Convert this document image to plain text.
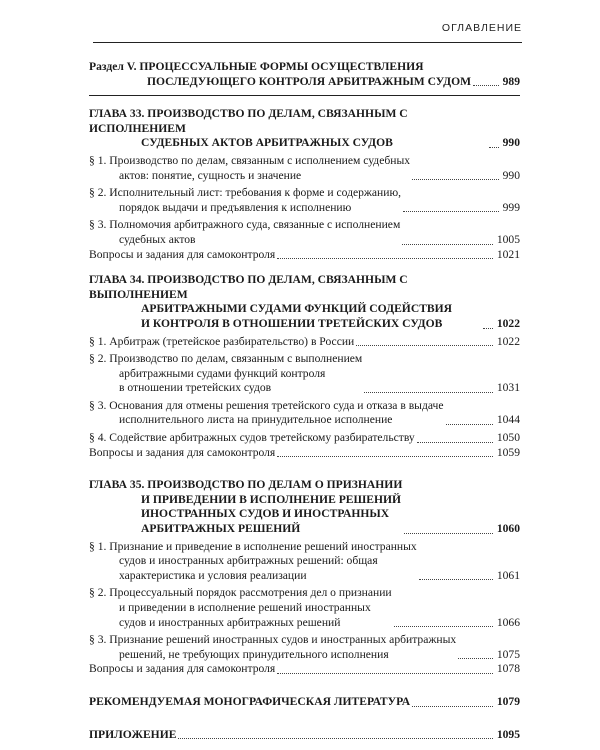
ОГЛАВЛЕНИЕ
Раздел V. ПРОЦЕССУАЛЬНЫЕ ФОРМЫ ОСУЩЕСТВЛЕНИЯ
ПОСЛЕДУЮЩЕГО КОНТРОЛЯ АРБИТРАЖНЫМ СУДОМ	989
ГЛАВА 33. ПРОИЗВОДСТВО ПО ДЕЛАМ, СВЯЗАННЫМ С ИСПОЛНЕНИЕМ
СУДЕБНЫХ АКТОВ АРБИТРАЖНЫХ СУДОВ	990
§ 1. Производство по делам, связанным с исполнением судебных
актов: понятие, сущность и значение	990
§ 2. Исполнительный лист: требования к форме и содержанию,
порядок выдачи и предъявления к исполнению	999
§ 3. Полномочия арбитражного суда, связанные с исполнением
судебных актов	1005
Вопросы и задания для самоконтроля	1021
ГЛАВА 34. ПРОИЗВОДСТВО ПО ДЕЛАМ, СВЯЗАННЫМ С ВЫПОЛНЕНИЕМ
АРБИТРАЖНЫМИ СУДАМИ ФУНКЦИЙ СОДЕЙСТВИЯ
И КОНТРОЛЯ В ОТНОШЕНИИ ТРЕТЕЙСКИХ СУДОВ	1022
§ 1. Арбитраж (третейское разбирательство) в России	1022
§ 2. Производство по делам, связанным с выполнением
арбитражными судами функций контроля
в отношении третейских судов	1031
§ 3. Основания для отмены решения третейского суда и отказа в выдаче
исполнительного листа на принудительное исполнение	1044
§ 4. Содействие арбитражных судов третейскому разбирательству	1050
Вопросы и задания для самоконтроля	1059
ГЛАВА 35. ПРОИЗВОДСТВО ПО ДЕЛАМ О ПРИЗНАНИИ
И ПРИВЕДЕНИИ В ИСПОЛНЕНИЕ РЕШЕНИЙ
ИНОСТРАННЫХ СУДОВ И ИНОСТРАННЫХ
АРБИТРАЖНЫХ РЕШЕНИЙ	1060
§ 1. Признание и приведение в исполнение решений иностранных
судов и иностранных арбитражных решений: общая
характеристика и условия реализации	1061
§ 2. Процессуальный порядок рассмотрения дел о признании
и приведении в исполнение решений иностранных
судов и иностранных арбитражных решений	1066
§ 3. Признание решений иностранных судов и иностранных арбитражных
решений, не требующих принудительного исполнения	1075
Вопросы и задания для самоконтроля	1078
РЕКОМЕНДУЕМАЯ МОНОГРАФИЧЕСКАЯ ЛИТЕРАТУРА	1079
ПРИЛОЖЕНИЕ	1095
